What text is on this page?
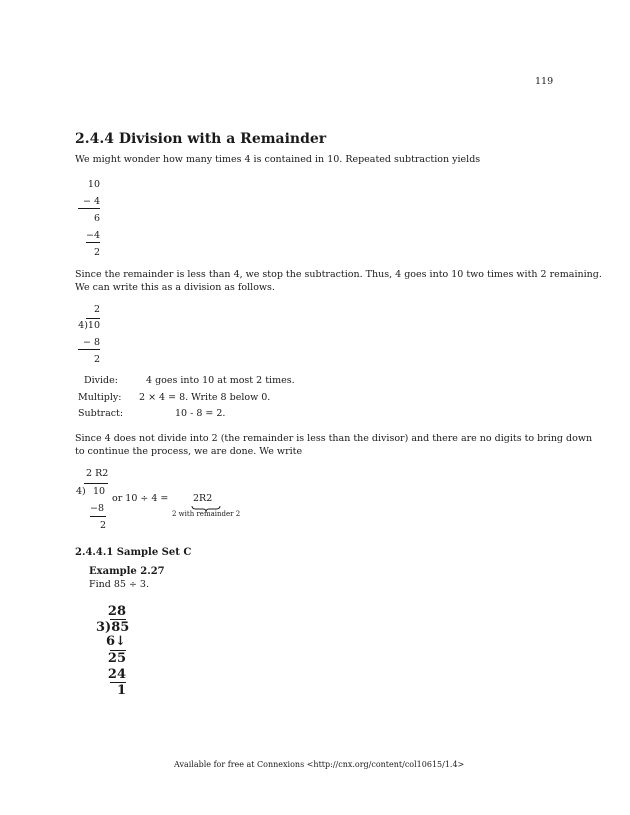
119
2.4.4 Division with a Remainder
We might wonder how many times 4 is contained in 10. Repeated subtraction yields
10
− 4
6
−4
2
Since the remainder is less than 4, we stop the subtraction. Thus, 4 goes into 10 two times with 2 remaining.
We can write this as a division as follows.
2
4)10
− 8
2
Divide:	4 goes into 10 at most 2 times.
Multiply: 2 × 4 = 8. Write 8 below 0.
Subtract:	10 - 8 = 2.
Since 4 does not divide into 2 (the remainder is less than the divisor) and there are no digits to bring down
to continue the process, we are done. We write
2 R2
4) 10
or 10 ÷ 4 =	2R2
2 with remainder 2
−8
2
2.4.4.1 Sample Set C
Example 2.27
Find 85 ÷ 3.
28
3)85
6↓
25
24
1
Available for free at Connexions <http://cnx.org/content/col10615/1.4>
